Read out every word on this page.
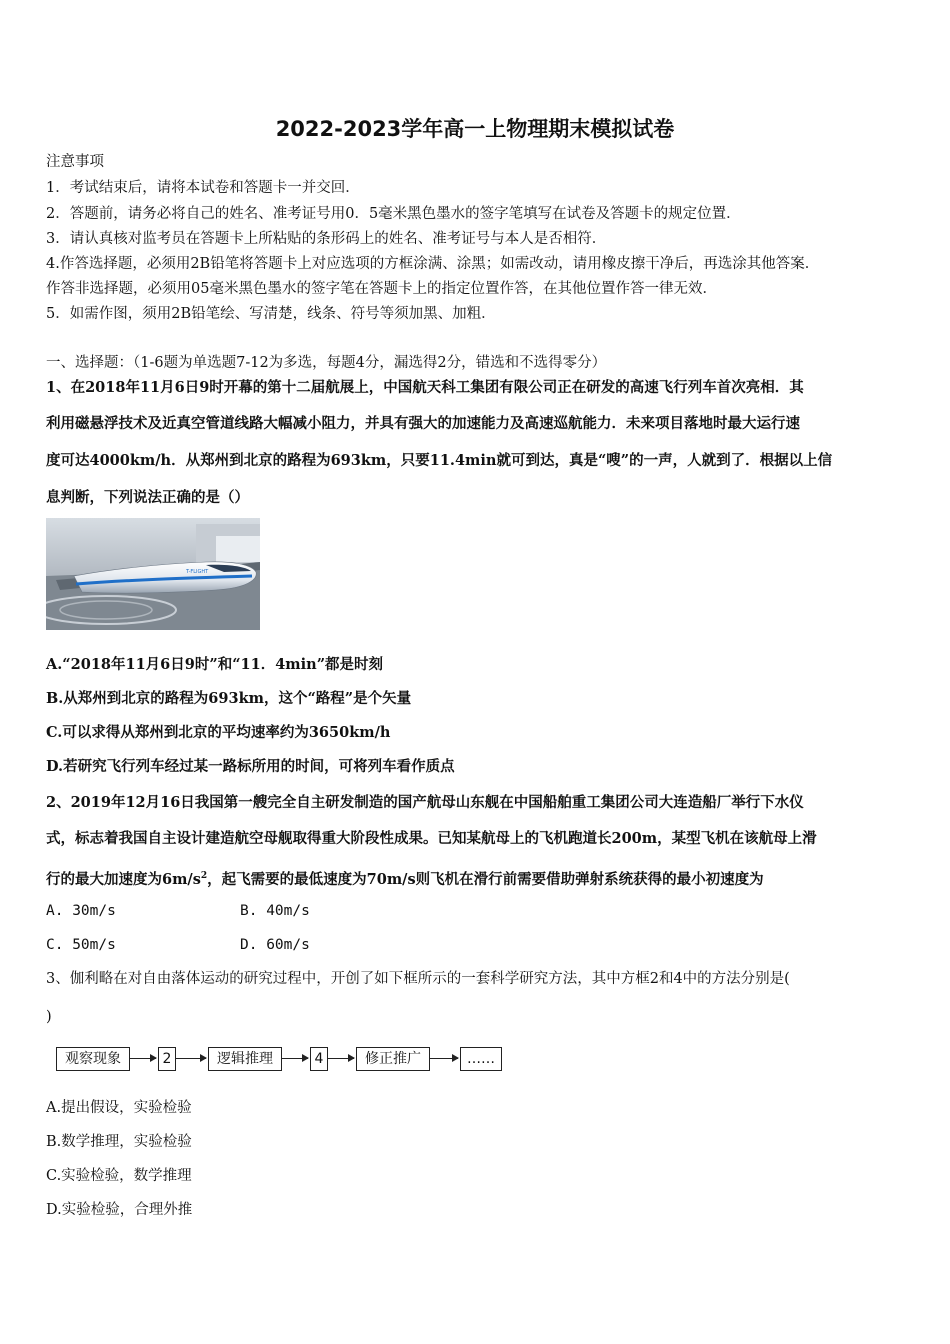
2022-2023学年高一上物理期末模拟试卷
注意事项
1．考试结束后，请将本试卷和答题卡一并交回．
2．答题前，请务必将自己的姓名、准考证号用0．5毫米黑色墨水的签字笔填写在试卷及答题卡的规定位置．
3．请认真核对监考员在答题卡上所粘贴的条形码上的姓名、准考证号与本人是否相符．
4.作答选择题，必须用2B铅笔将答题卡上对应选项的方框涂满、涂黑；如需改动，请用橡皮擦干净后，再选涂其他答案．
作答非选择题，必须用05毫米黑色墨水的签字笔在答题卡上的指定位置作答，在其他位置作答一律无效．
5．如需作图，须用2B铅笔绘、写清楚，线条、符号等须加黑、加粗．
一、选择题：（1-6题为单选题7-12为多选，每题4分，漏选得2分，错选和不选得零分）
1、在2018年11月6日9时开幕的第十二届航展上，中国航天科工集团有限公司正在研发的高速飞行列车首次亮相．其
利用磁悬浮技术及近真空管道线路大幅减小阻力，并具有强大的加速能力及高速巡航能力．未来项目落地时最大运行速
度可达4000km/h．从郑州到北京的路程为693km，只要11.4min就可到达，真是“嗖”的一声，人就到了．根据以上信
息判断，下列说法正确的是（）
T-FLIGHT
A.“2018年11月6日9时”和“11．4min”都是时刻
B.从郑州到北京的路程为693km，这个“路程”是个矢量
C.可以求得从郑州到北京的平均速率约为3650km/h
D.若研究飞行列车经过某一路标所用的时间，可将列车看作质点
2、2019年12月16日我国第一艘完全自主研发制造的国产航母山东舰在中国船舶重工集团公司大连造船厂举行下水仪
式，标志着我国自主设计建造航空母舰取得重大阶段性成果。已知某航母上的飞机跑道长200m，某型飞机在该航母上滑
行的最大加速度为$6m/s^2$，起飞需要的最低速度为70m/s则飞机在滑行前需要借助弹射系统获得的最小初速度为
A. 30m/s	B. 40m/s
C. 50m/s	D. 60m/s
3、伽利略在对自由落体运动的研究过程中，开创了如下框所示的一套科学研究方法，其中方框2和4中的方法分别是(
)
观察现象	2	逻辑推理	4	修正推广	……
A.提出假设，实验检验
B.数学推理，实验检验
C.实验检验，数学推理
D.实验检验，合理外推
